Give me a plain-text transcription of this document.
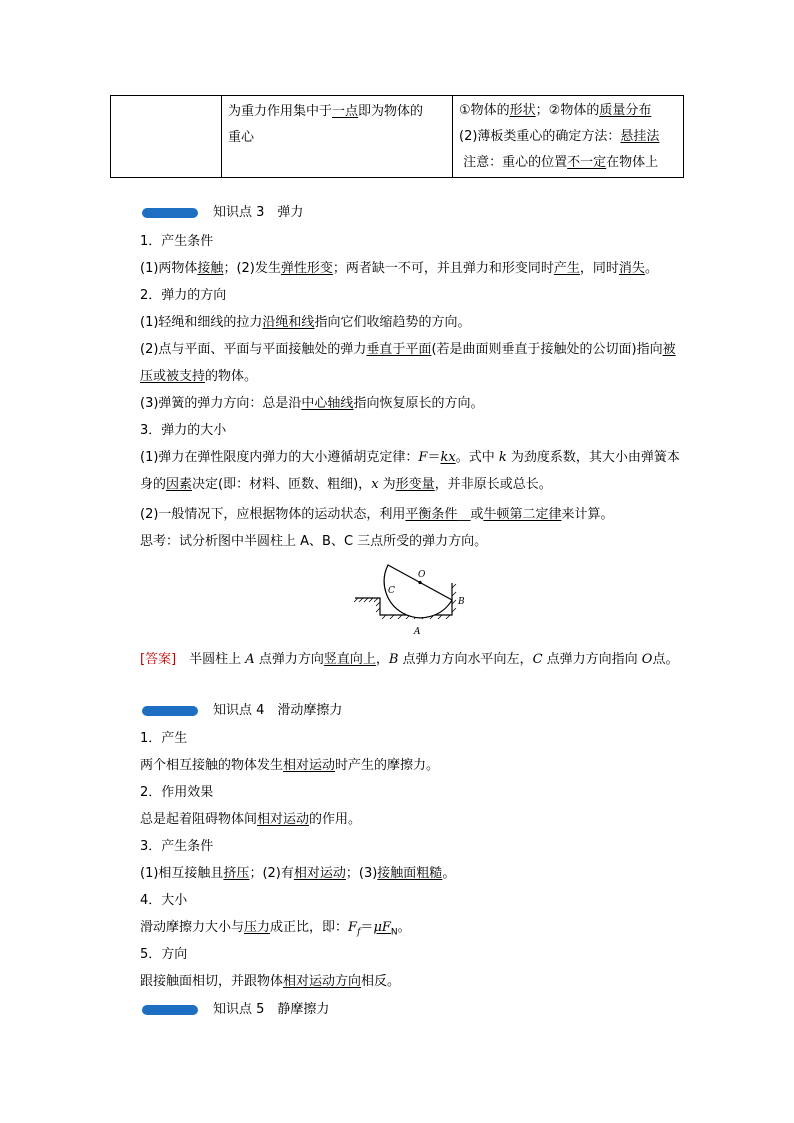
为重力作用集中于一点即为物体的
重心
①物体的形状；②物体的质量分布
(2)薄板类重心的确定方法：悬挂法
注意：重心的位置不一定在物体上
知识点 3　弹力
1．产生条件
(1)两物体接触；(2)发生弹性形变；两者缺一不可，并且弹力和形变同时产生，同时消失。
2．弹力的方向
(1)轻绳和细线的拉力沿绳和线指向它们收缩趋势的方向。
(2)点与平面、平面与平面接触处的弹力垂直于平面(若是曲面则垂直于接触处的公切面)指向被压或被支持的物体。
(3)弹簧的弹力方向：总是沿中心轴线指向恢复原长的方向。
3．弹力的大小
(1)弹力在弹性限度内弹力的大小遵循胡克定律：F＝kx。式中 k 为劲度系数，其大小由弹簧本身的因素决定(即：材料、匝数、粗细)，x 为形变量，并非原长或总长。
(2)一般情况下，应根据物体的运动状态，利用平衡条件__或牛顿第二定律来计算。
思考：试分析图中半圆柱上 A、B、C 三点所受的弹力方向。
O
C
B
A
[答案]　半圆柱上 A 点弹力方向竖直向上，B 点弹力方向水平向左，C 点弹力方向指向 O点。
知识点 4　滑动摩擦力
1．产生
两个相互接触的物体发生相对运动时产生的摩擦力。
2．作用效果
总是起着阻碍物体间相对运动的作用。
3．产生条件
(1)相互接触且挤压；(2)有相对运动；(3)接触面粗糙。
4．大小
滑动摩擦力大小与压力成正比，即：$F_f=\mu F_N$。
5．方向
跟接触面相切，并跟物体相对运动方向相反。
知识点 5　静摩擦力
